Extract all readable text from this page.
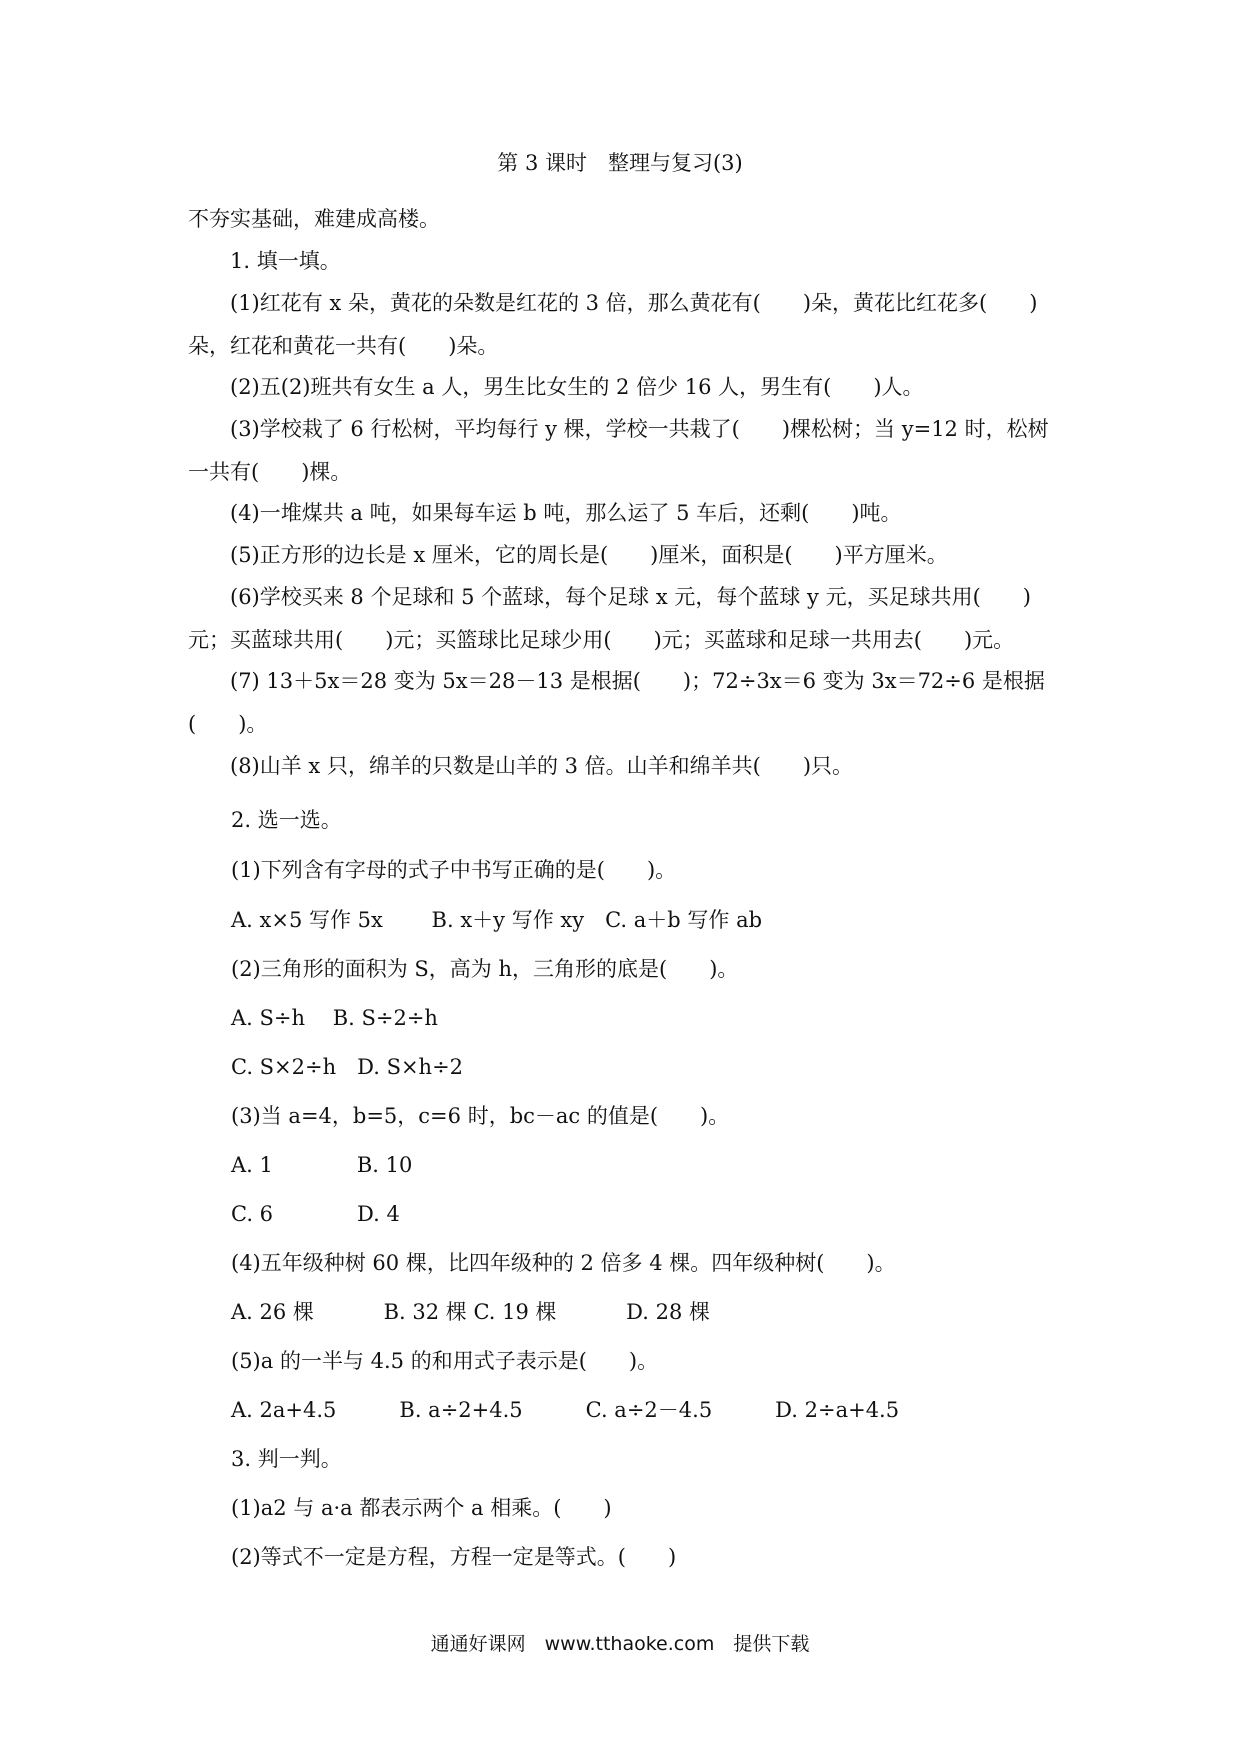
第 3 课时　整理与复习(3)
不夯实基础，难建成高楼。
1. 填一填。
(1)红花有 x 朵，黄花的朵数是红花的 3 倍，那么黄花有(　　)朵，黄花比红花多(　　)朵，红花和黄花一共有(　　)朵。
(2)五(2)班共有女生 a 人，男生比女生的 2 倍少 16 人，男生有(　　)人。
(3)学校栽了 6 行松树，平均每行 y 棵，学校一共栽了(　　)棵松树；当 y=12 时，松树一共有(　　)棵。
(4)一堆煤共 a 吨，如果每车运 b 吨，那么运了 5 车后，还剩(　　)吨。
(5)正方形的边长是 x 厘米，它的周长是(　　)厘米，面积是(　　)平方厘米。
(6)学校买来 8 个足球和 5 个蓝球，每个足球 x 元，每个蓝球 y 元，买足球共用(　　)元；买蓝球共用(　　)元；买篮球比足球少用(　　)元；买蓝球和足球一共用去(　　)元。
(7) 13＋5x＝28 变为 5x＝28－13 是根据(　　)；72÷3x＝6 变为 3x＝72÷6 是根据(　　)。
(8)山羊 x 只，绵羊的只数是山羊的 3 倍。山羊和绵羊共(　　)只。
2. 选一选。
(1)下列含有字母的式子中书写正确的是(　　)。
A. x×5 写作 5x　　 B. x＋y 写作 xy　C. a＋b 写作 ab
(2)三角形的面积为 S，高为 h，三角形的底是(　　)。
A. S÷h　 B. S÷2÷h
C. S×2÷h　D. S×h÷2
(3)当 a=4，b=5，c=6 时，bc－ac 的值是(　　)。
A. 1　　　　B. 10
C. 6　　　　D. 4
(4)五年级种树 60 棵，比四年级种的 2 倍多 4 棵。四年级种树(　　)。
A. 26 棵　　　 B. 32 棵 C. 19 棵　　　 D. 28 棵
(5)a 的一半与 4.5 的和用式子表示是(　　)。
A. 2a+4.5　　　B. a÷2+4.5　　　C. a÷2－4.5　　　D. 2÷a+4.5
3. 判一判。
(1)a2 与 a·a 都表示两个 a 相乘。(　　)
(2)等式不一定是方程，方程一定是等式。(　　)
通通好课网　www.tthaoke.com　提供下载
